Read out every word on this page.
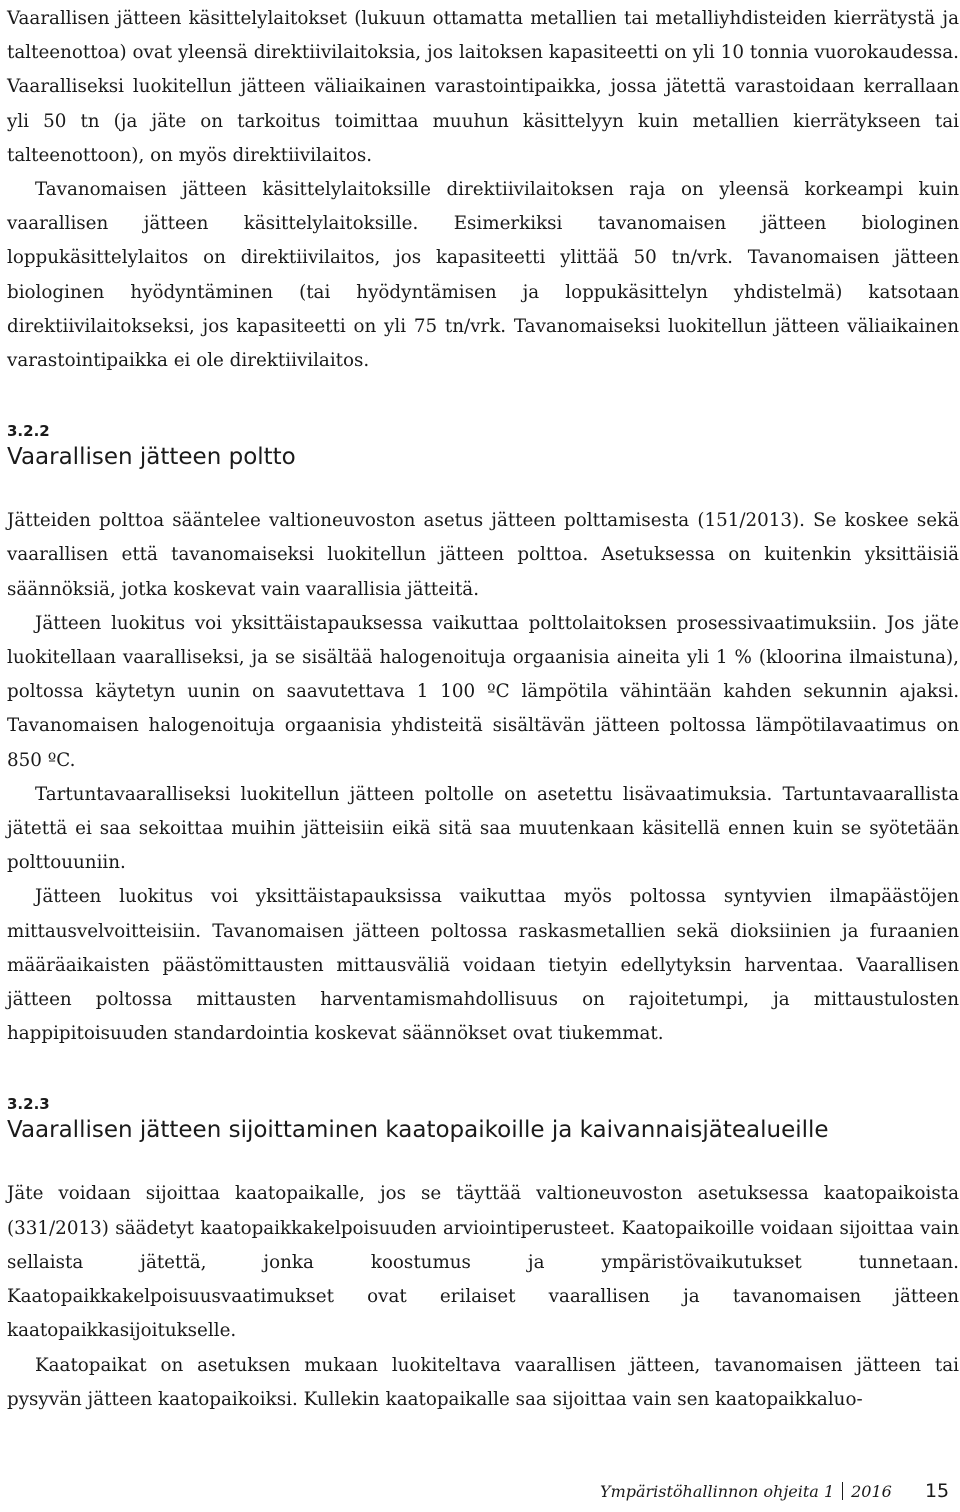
Vaarallisen jätteen käsittelylaitokset (lukuun ottamatta metallien tai metalliyhdisteiden kierrätystä ja talteenottoa) ovat yleensä direktiivilaitoksia, jos laitoksen kapasiteetti on yli 10 tonnia vuorokaudessa. Vaaralliseksi luokitellun jätteen väliaikainen varastointipaikka, jossa jätettä varastoidaan kerrallaan yli 50 tn (ja jäte on tarkoitus toimittaa muuhun käsittelyyn kuin metallien kierrätykseen tai talteenottoon), on myös direktiivilaitos.

Tavanomaisen jätteen käsittelylaitoksille direktiivilaitoksen raja on yleensä korkeampi kuin vaarallisen jätteen käsittelylaitoksille. Esimerkiksi tavanomaisen jätteen biologinen loppukäsittelylaitos on direktiivilaitos, jos kapasiteetti ylittää 50 tn/vrk. Tavanomaisen jätteen biologinen hyödyntäminen (tai hyödyntämisen ja loppukäsittelyn yhdistelmä) katsotaan direktiivilaitokseksi, jos kapasiteetti on yli 75 tn/vrk. Tavanomaiseksi luokitellun jätteen väliaikainen varastointipaikka ei ole direktiivilaitos.

3.2.2
Vaarallisen jätteen poltto

Jätteiden polttoa sääntelee valtioneuvoston asetus jätteen polttamisesta (151/2013). Se koskee sekä vaarallisen että tavanomaiseksi luokitellun jätteen polttoa. Asetuksessa on kuitenkin yksittäisiä säännöksiä, jotka koskevat vain vaarallisia jätteitä.

Jätteen luokitus voi yksittäistapauksessa vaikuttaa polttolaitoksen prosessivaatimuksiin. Jos jäte luokitellaan vaaralliseksi, ja se sisältää halogenoituja orgaanisia aineita yli 1 % (kloorina ilmaistuna), poltossa käytetyn uunin on saavutettava 1 100 ºC lämpötila vähintään kahden sekunnin ajaksi. Tavanomaisen halogenoituja orgaanisia yhdisteitä sisältävän jätteen poltossa lämpötilavaatimus on 850 ºC.

Tartuntavaaralliseksi luokitellun jätteen poltolle on asetettu lisävaatimuksia. Tartuntavaarallista jätettä ei saa sekoittaa muihin jätteisiin eikä sitä saa muutenkaan käsitellä ennen kuin se syötetään polttouuniin.

Jätteen luokitus voi yksittäistapauksissa vaikuttaa myös poltossa syntyvien ilmapäästöjen mittausvelvoitteisiin. Tavanomaisen jätteen poltossa raskasmetallien sekä dioksiinien ja furaanien määräaikaisten päästömittausten mittausväliä voidaan tietyin edellytyksin harventaa. Vaarallisen jätteen poltossa mittausten harventamismahdollisuus on rajoitetumpi, ja mittaustulosten happipitoisuuden standardointia koskevat säännökset ovat tiukemmat.

3.2.3
Vaarallisen jätteen sijoittaminen kaatopaikoille ja kaivannaisjätealueille

Jäte voidaan sijoittaa kaatopaikalle, jos se täyttää valtioneuvoston asetuksessa kaatopaikoista (331/2013) säädetyt kaatopaikkakelpoisuuden arviointiperusteet. Kaatopaikoille voidaan sijoittaa vain sellaista jätettä, jonka koostumus ja ympäristövaikutukset tunnetaan. Kaatopaikkakelpoisuusvaatimukset ovat erilaiset vaarallisen ja tavanomaisen jätteen kaatopaikkasijoitukselle.

Kaatopaikat on asetuksen mukaan luokiteltava vaarallisen jätteen, tavanomaisen jätteen tai pysyvän jätteen kaatopaikoiksi. Kullekin kaatopaikalle saa sijoittaa vain sen kaatopaikkaluo-

Ympäristöhallinnon ohjeita 1 2016 15
